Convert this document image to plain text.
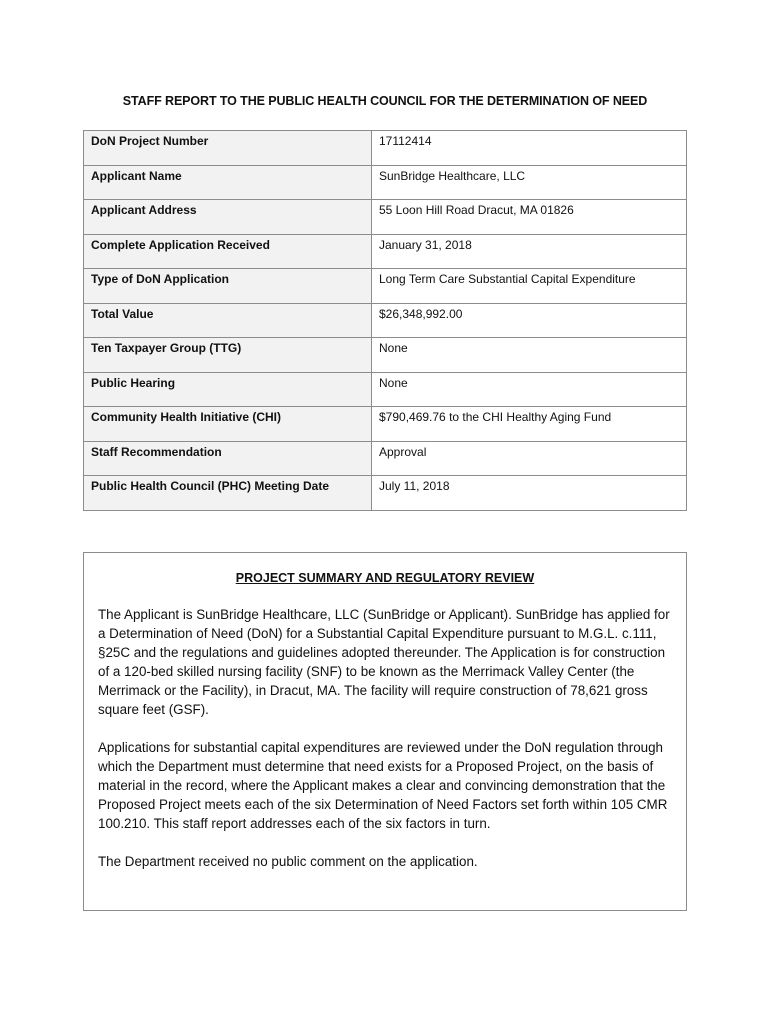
STAFF REPORT TO THE PUBLIC HEALTH COUNCIL FOR THE DETERMINATION OF NEED
DoN Project Number	17112414
Applicant Name	SunBridge Healthcare, LLC
Applicant Address	55 Loon Hill Road Dracut, MA 01826
Complete Application Received	January 31, 2018
Type of DoN Application	Long Term Care Substantial Capital Expenditure
Total Value	$26,348,992.00
Ten Taxpayer Group (TTG)	None
Public Hearing	None
Community Health Initiative (CHI)	$790,469.76 to the CHI Healthy Aging Fund
Staff Recommendation	Approval
Public Health Council (PHC) Meeting Date	July 11, 2018
PROJECT SUMMARY AND REGULATORY REVIEW

The Applicant is SunBridge Healthcare, LLC (SunBridge or Applicant). SunBridge has applied for a Determination of Need (DoN) for a Substantial Capital Expenditure pursuant to M.G.L. c.111, §25C and the regulations and guidelines adopted thereunder. The Application is for construction of a 120-bed skilled nursing facility (SNF) to be known as the Merrimack Valley Center (the Merrimack or the Facility), in Dracut, MA. The facility will require construction of 78,621 gross square feet (GSF).

Applications for substantial capital expenditures are reviewed under the DoN regulation through which the Department must determine that need exists for a Proposed Project, on the basis of material in the record, where the Applicant makes a clear and convincing demonstration that the Proposed Project meets each of the six Determination of Need Factors set forth within 105 CMR 100.210. This staff report addresses each of the six factors in turn.

The Department received no public comment on the application.
